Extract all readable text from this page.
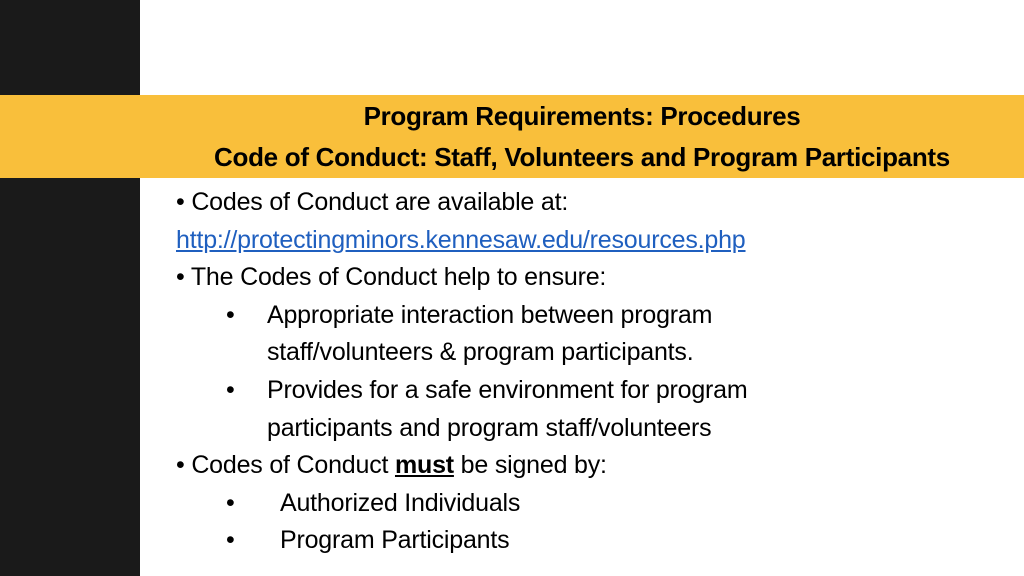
Program Requirements: Procedures
Code of Conduct: Staff, Volunteers and Program Participants
• Codes of Conduct are available at:
http://protectingminors.kennesaw.edu/resources.php
• The Codes of Conduct help to ensure:
• Appropriate interaction between program
staff/volunteers & program participants.
• Provides for a safe environment for program
participants and program staff/volunteers
• Codes of Conduct must be signed by:
• Authorized Individuals
• Program Participants
